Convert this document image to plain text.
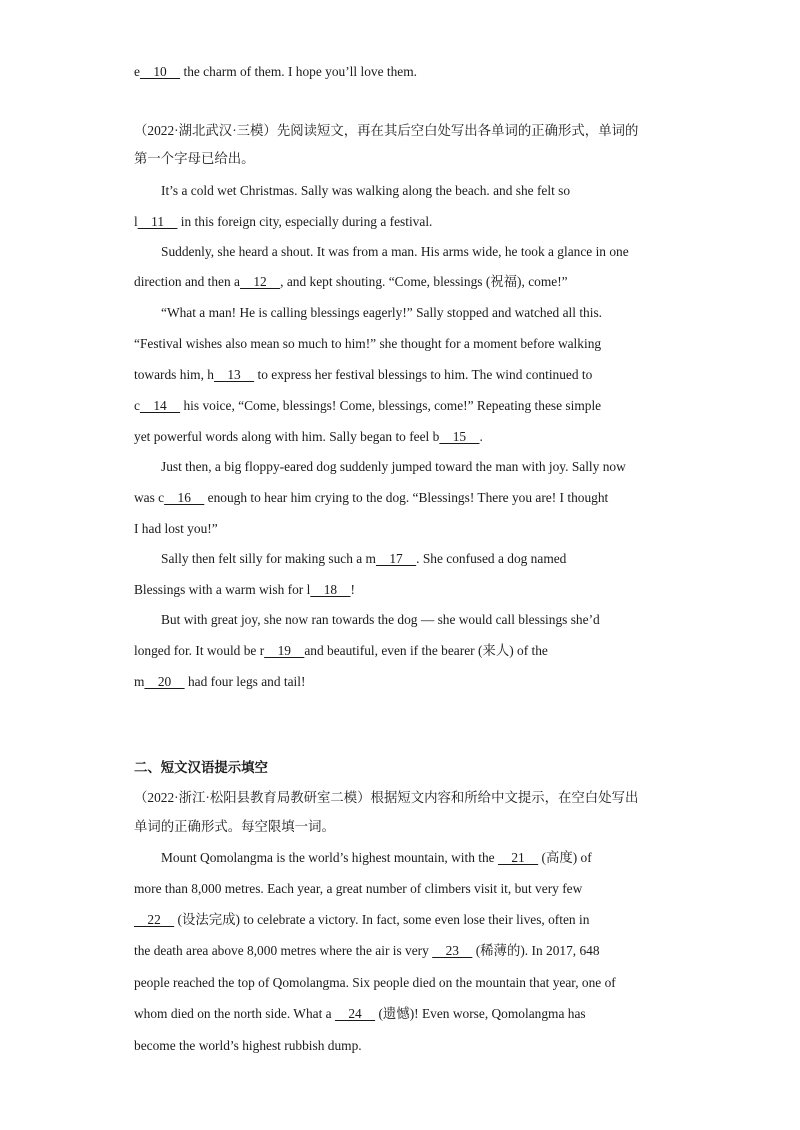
e    10     the charm of them. I hope you’ll love them.
（2022·湖北武汉·三模）先阅读短文，再在其后空白处写出各单词的正确形式，单词的
第一个字母已给出。
It’s a cold wet Christmas. Sally was walking along the beach. and she felt so
l    11     in this foreign city, especially during a festival.
Suddenly, she heard a shout. It was from a man. His arms wide, he took a glance in one
direction and then a    12    , and kept shouting. “Come, blessings (祝福), come!”
“What a man! He is calling blessings eagerly!” Sally stopped and watched all this.
“Festival wishes also mean so much to him!” she thought for a moment before walking
towards him, h    13     to express her festival blessings to him. The wind continued to
c    14     his voice, “Come, blessings! Come, blessings, come!” Repeating these simple
yet powerful words along with him. Sally began to feel b    15    .
Just then, a big floppy-eared dog suddenly jumped toward the man with joy. Sally now
was c    16     enough to hear him crying to the dog. “Blessings! There you are! I thought
I had lost you!”
Sally then felt silly for making such a m    17    . She confused a dog named
Blessings with a warm wish for l    18    !
But with great joy, she now ran towards the dog — she would call blessings she’d
longed for. It would be r    19    and beautiful, even if the bearer (来人) of the
m    20     had four legs and tail!
二、短文汉语提示填空
（2022·浙江·松阳县教育局教研室二模）根据短文内容和所给中文提示，在空白处写出
单词的正确形式。每空限填一词。
Mount Qomolangma is the world’s highest mountain, with the     21     (高度) of
more than 8,000 metres. Each year, a great number of climbers visit it, but very few
22     (设法完成) to celebrate a victory. In fact, some even lose their lives, often in
the death area above 8,000 metres where the air is very     23     (稀薄的). In 2017, 648
people reached the top of Qomolangma. Six people died on the mountain that year, one of
whom died on the north side. What a     24     (遗憾)! Even worse, Qomolangma has
become the world’s highest rubbish dump.
